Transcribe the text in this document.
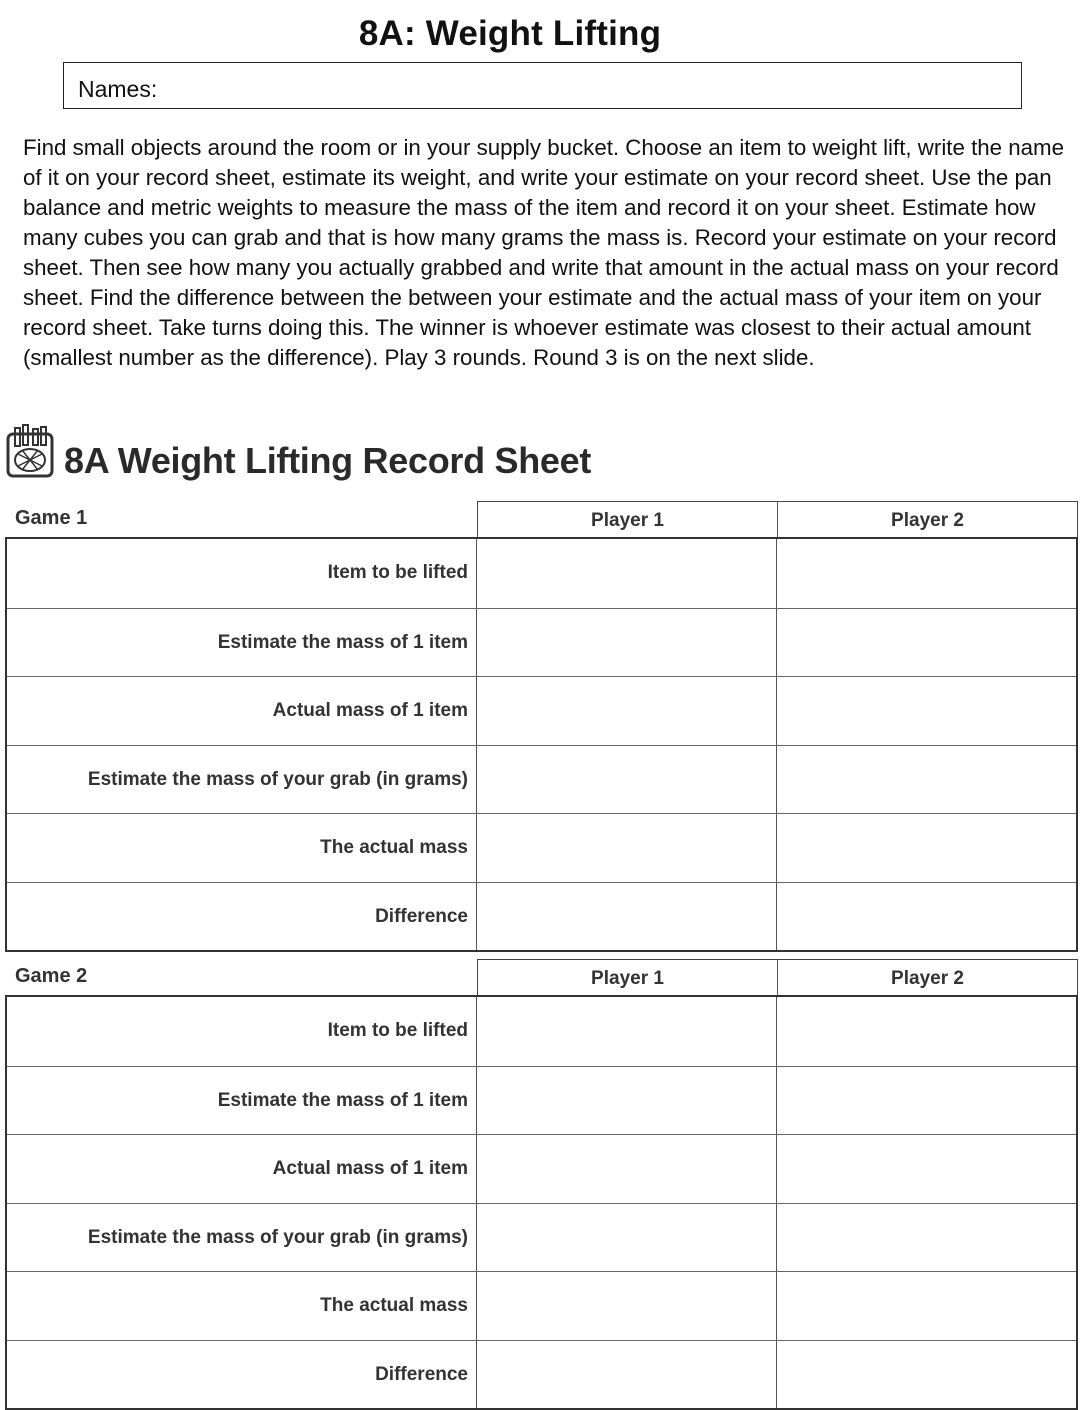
8A: Weight Lifting
Names:

Find small objects around the room or in your supply bucket. Choose an item to weight lift, write the name of it on your record sheet, estimate its weight, and write your estimate on your record sheet. Use the pan balance and metric weights to measure the mass of the item and record it on your sheet. Estimate how many cubes you can grab and that is how many grams the mass is. Record your estimate on your record sheet. Then see how many you actually grabbed and write that amount in the actual mass on your record sheet. Find the difference between the between your estimate and the actual mass of your item on your record sheet. Take turns doing this. The winner is whoever estimate was closest to their actual amount (smallest number as the difference). Play 3 rounds. Round 3 is on the next slide.

8A Weight Lifting Record Sheet
Game 1	Player 1	Player 2
Item to be lifted
Estimate the mass of 1 item
Actual mass of 1 item
Estimate the mass of your grab (in grams)
The actual mass
Difference
Game 2	Player 1	Player 2
Item to be lifted
Estimate the mass of 1 item
Actual mass of 1 item
Estimate the mass of your grab (in grams)
The actual mass
Difference
